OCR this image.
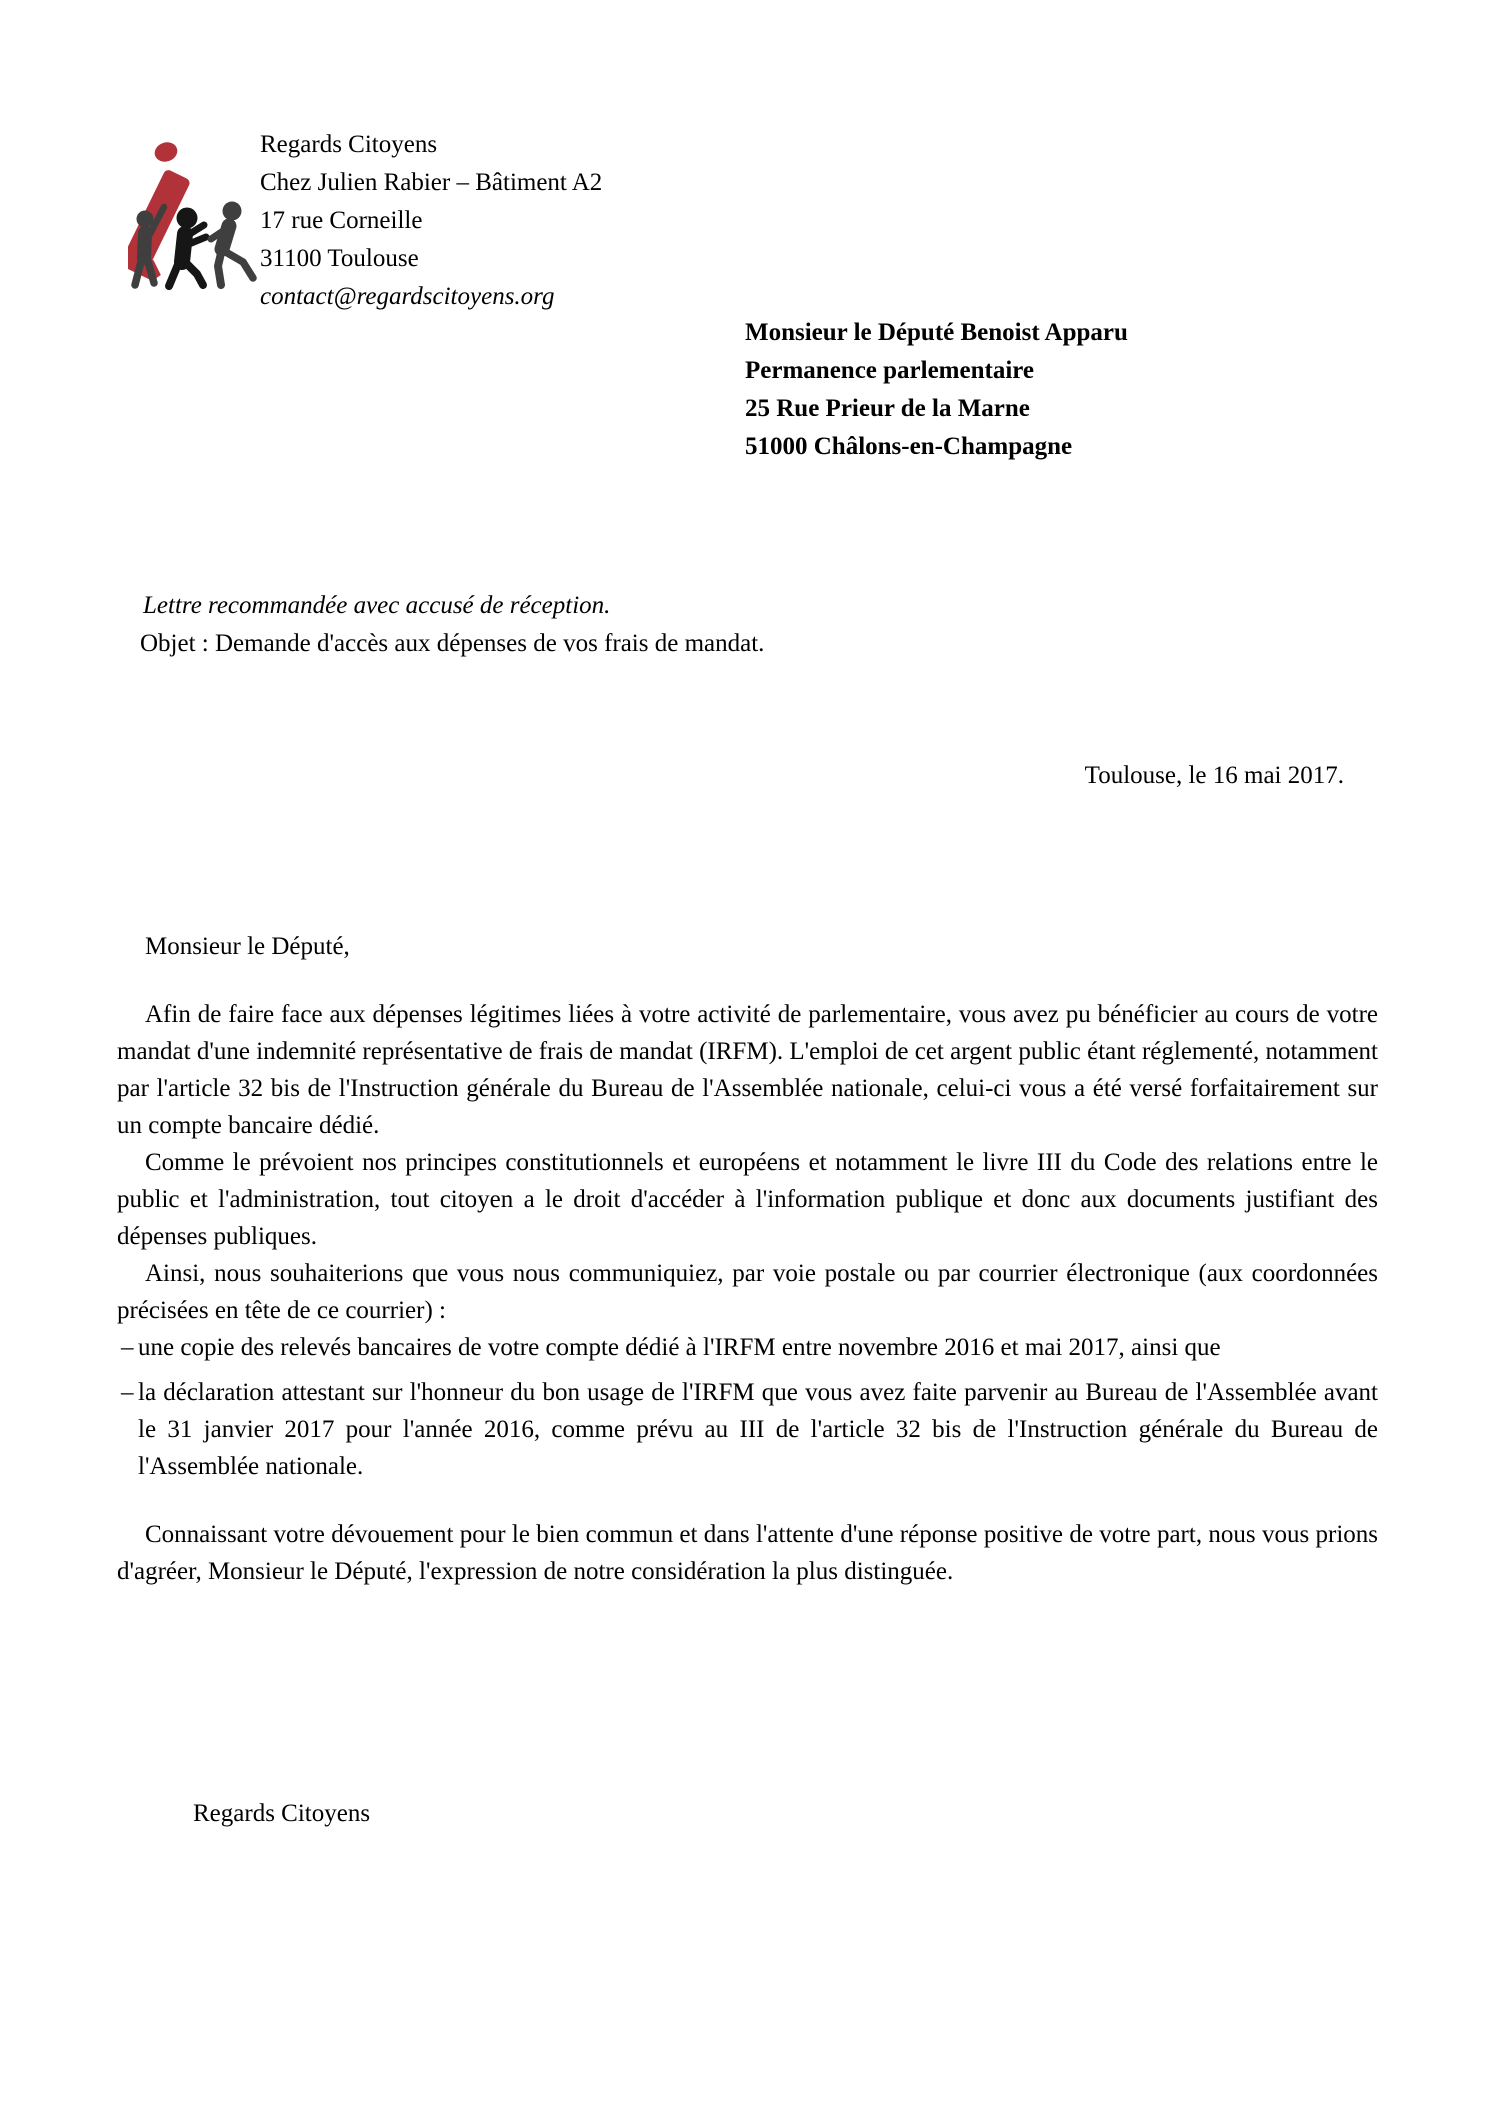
Regards Citoyens
Chez Julien Rabier – Bâtiment A2
17 rue Corneille
31100 Toulouse
contact@regardscitoyens.org
Monsieur le Député Benoist Apparu
Permanence parlementaire
25 Rue Prieur de la Marne
51000 Châlons-en-Champagne
Lettre recommandée avec accusé de réception.
Objet : Demande d'accès aux dépenses de vos frais de mandat.
Toulouse, le 16 mai 2017.

Monsieur le Député,

Afin de faire face aux dépenses légitimes liées à votre activité de parlementaire, vous avez pu bénéficier au cours de votre mandat d'une indemnité représentative de frais de mandat (IRFM). L'emploi de cet argent public étant réglementé, notamment par l'article 32 bis de l'Instruction générale du Bureau de l'Assemblée nationale, celui-ci vous a été versé forfaitairement sur un compte bancaire dédié.

Comme le prévoient nos principes constitutionnels et européens et notamment le livre III du Code des relations entre le public et l'administration, tout citoyen a le droit d'accéder à l'information publique et donc aux documents justifiant des dépenses publiques.

Ainsi, nous souhaiterions que vous nous communiquiez, par voie postale ou par courrier électronique (aux coordonnées précisées en tête de ce courrier) :

– une copie des relevés bancaires de votre compte dédié à l'IRFM entre novembre 2016 et mai 2017, ainsi que
– la déclaration attestant sur l'honneur du bon usage de l'IRFM que vous avez faite parvenir au Bureau de l'Assemblée avant le 31 janvier 2017 pour l'année 2016, comme prévu au III de l'article 32 bis de l'Instruction générale du Bureau de l'Assemblée nationale.

Connaissant votre dévouement pour le bien commun et dans l'attente d'une réponse positive de votre part, nous vous prions d'agréer, Monsieur le Député, l'expression de notre considération la plus distinguée.

Regards Citoyens
